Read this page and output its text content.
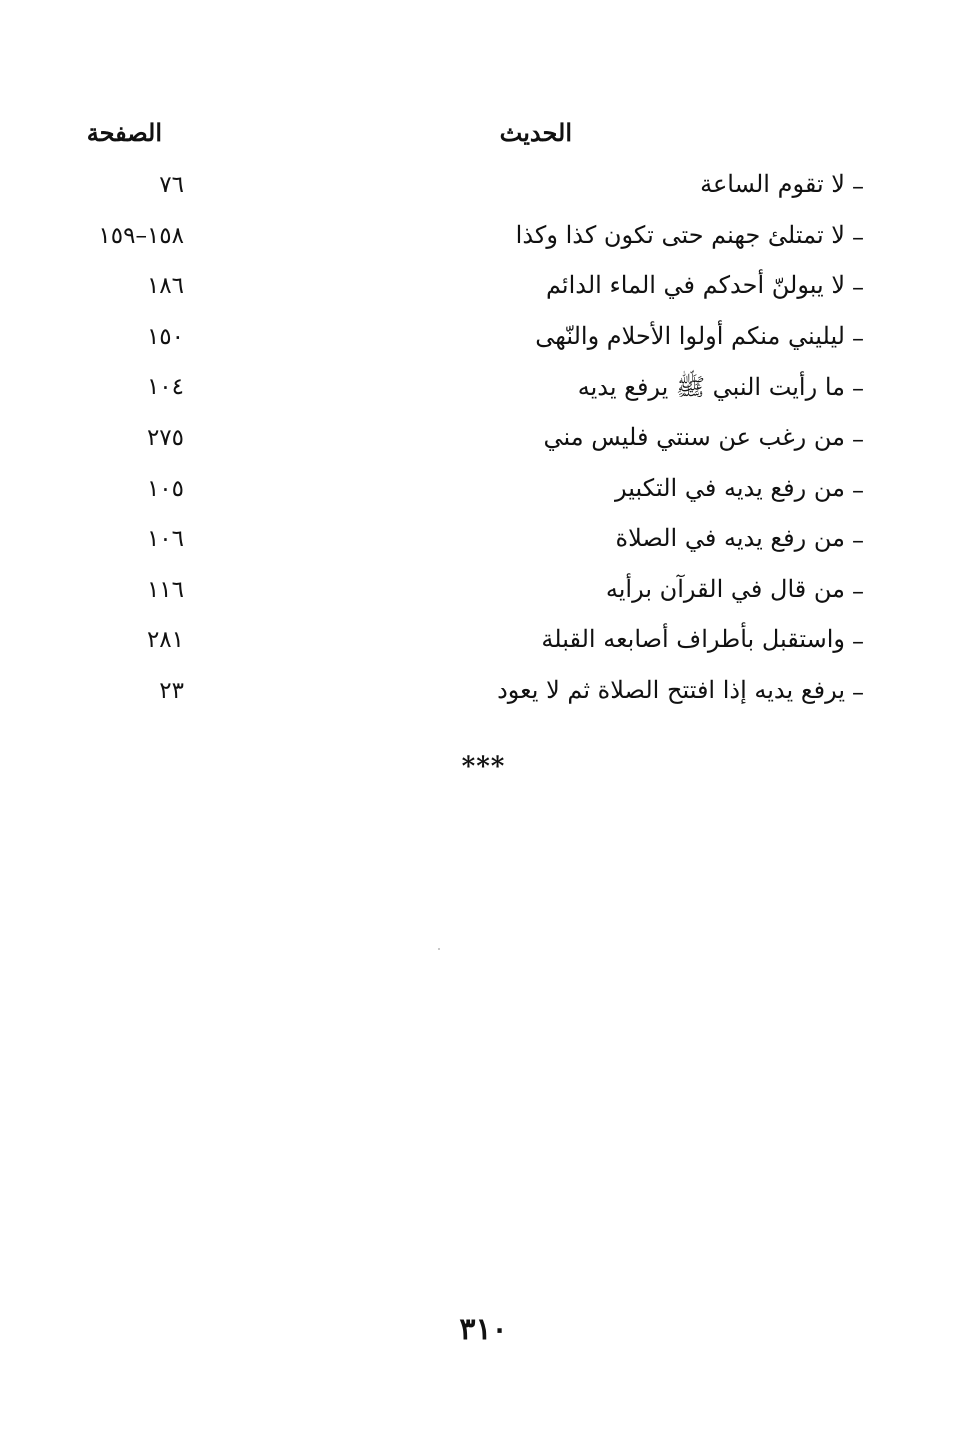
الحديث
الصفحة
–
لا تقوم الساعة
٧٦
–
لا تمتلئ جهنم حتى تكون كذا وكذا
١٥٨–١٥٩
–
لا يبولنّ أحدكم في الماء الدائم
١٨٦
–
ليليني منكم أولوا الأحلام والنّهى
١٥٠
–
ما رأيت النبي ﷺ يرفع يديه
١٠٤
–
من رغب عن سنتي فليس مني
٢٧٥
–
من رفع يديه في التكبير
١٠٥
–
من رفع يديه في الصلاة
١٠٦
–
من قال في القرآن برأيه
١١٦
–
واستقبل بأطراف أصابعه القبلة
٢٨١
–
يرفع يديه إذا افتتح الصلاة ثم لا يعود
٢٣
***
٣١٠
